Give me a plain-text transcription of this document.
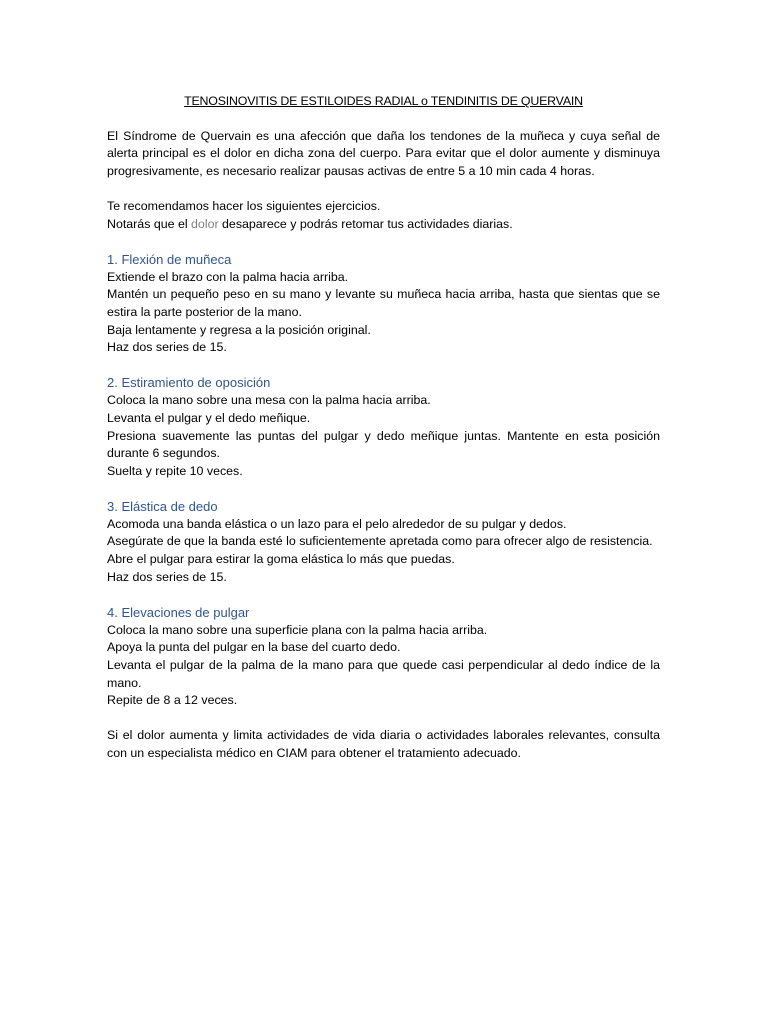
TENOSINOVITIS DE ESTILOIDES RADIAL o TENDINITIS DE QUERVAIN

El Síndrome de Quervain es una afección que daña los tendones de la muñeca y cuya señal de alerta principal es el dolor en dicha zona del cuerpo. Para evitar que el dolor aumente y disminuya progresivamente, es necesario realizar pausas activas de entre 5 a 10 min cada 4 horas.

Te recomendamos hacer los siguientes ejercicios.

Notarás que el dolor desaparece y podrás retomar tus actividades diarias.

1. Flexión de muñeca

Extiende el brazo con la palma hacia arriba.

Mantén un pequeño peso en su mano y levante su muñeca hacia arriba, hasta que sientas que se estira la parte posterior de la mano.

Baja lentamente y regresa a la posición original.

Haz dos series de 15.

2. Estiramiento de oposición

Coloca la mano sobre una mesa con la palma hacia arriba.

Levanta el pulgar y el dedo meñique.

Presiona suavemente las puntas del pulgar y dedo meñique juntas. Mantente en esta posición durante 6 segundos.

Suelta y repite 10 veces.

3. Elástica de dedo

Acomoda una banda elástica o un lazo para el pelo alrededor de su pulgar y dedos.

Asegúrate de que la banda esté lo suficientemente apretada como para ofrecer algo de resistencia.

Abre el pulgar para estirar la goma elástica lo más que puedas.

Haz dos series de 15.

4. Elevaciones de pulgar

Coloca la mano sobre una superficie plana con la palma hacia arriba.

Apoya la punta del pulgar en la base del cuarto dedo.

Levanta el pulgar de la palma de la mano para que quede casi perpendicular al dedo índice de la mano.

Repite de 8 a 12 veces.

Si el dolor aumenta y limita actividades de vida diaria o actividades laborales relevantes, consulta con un especialista médico en CIAM para obtener el tratamiento adecuado.
